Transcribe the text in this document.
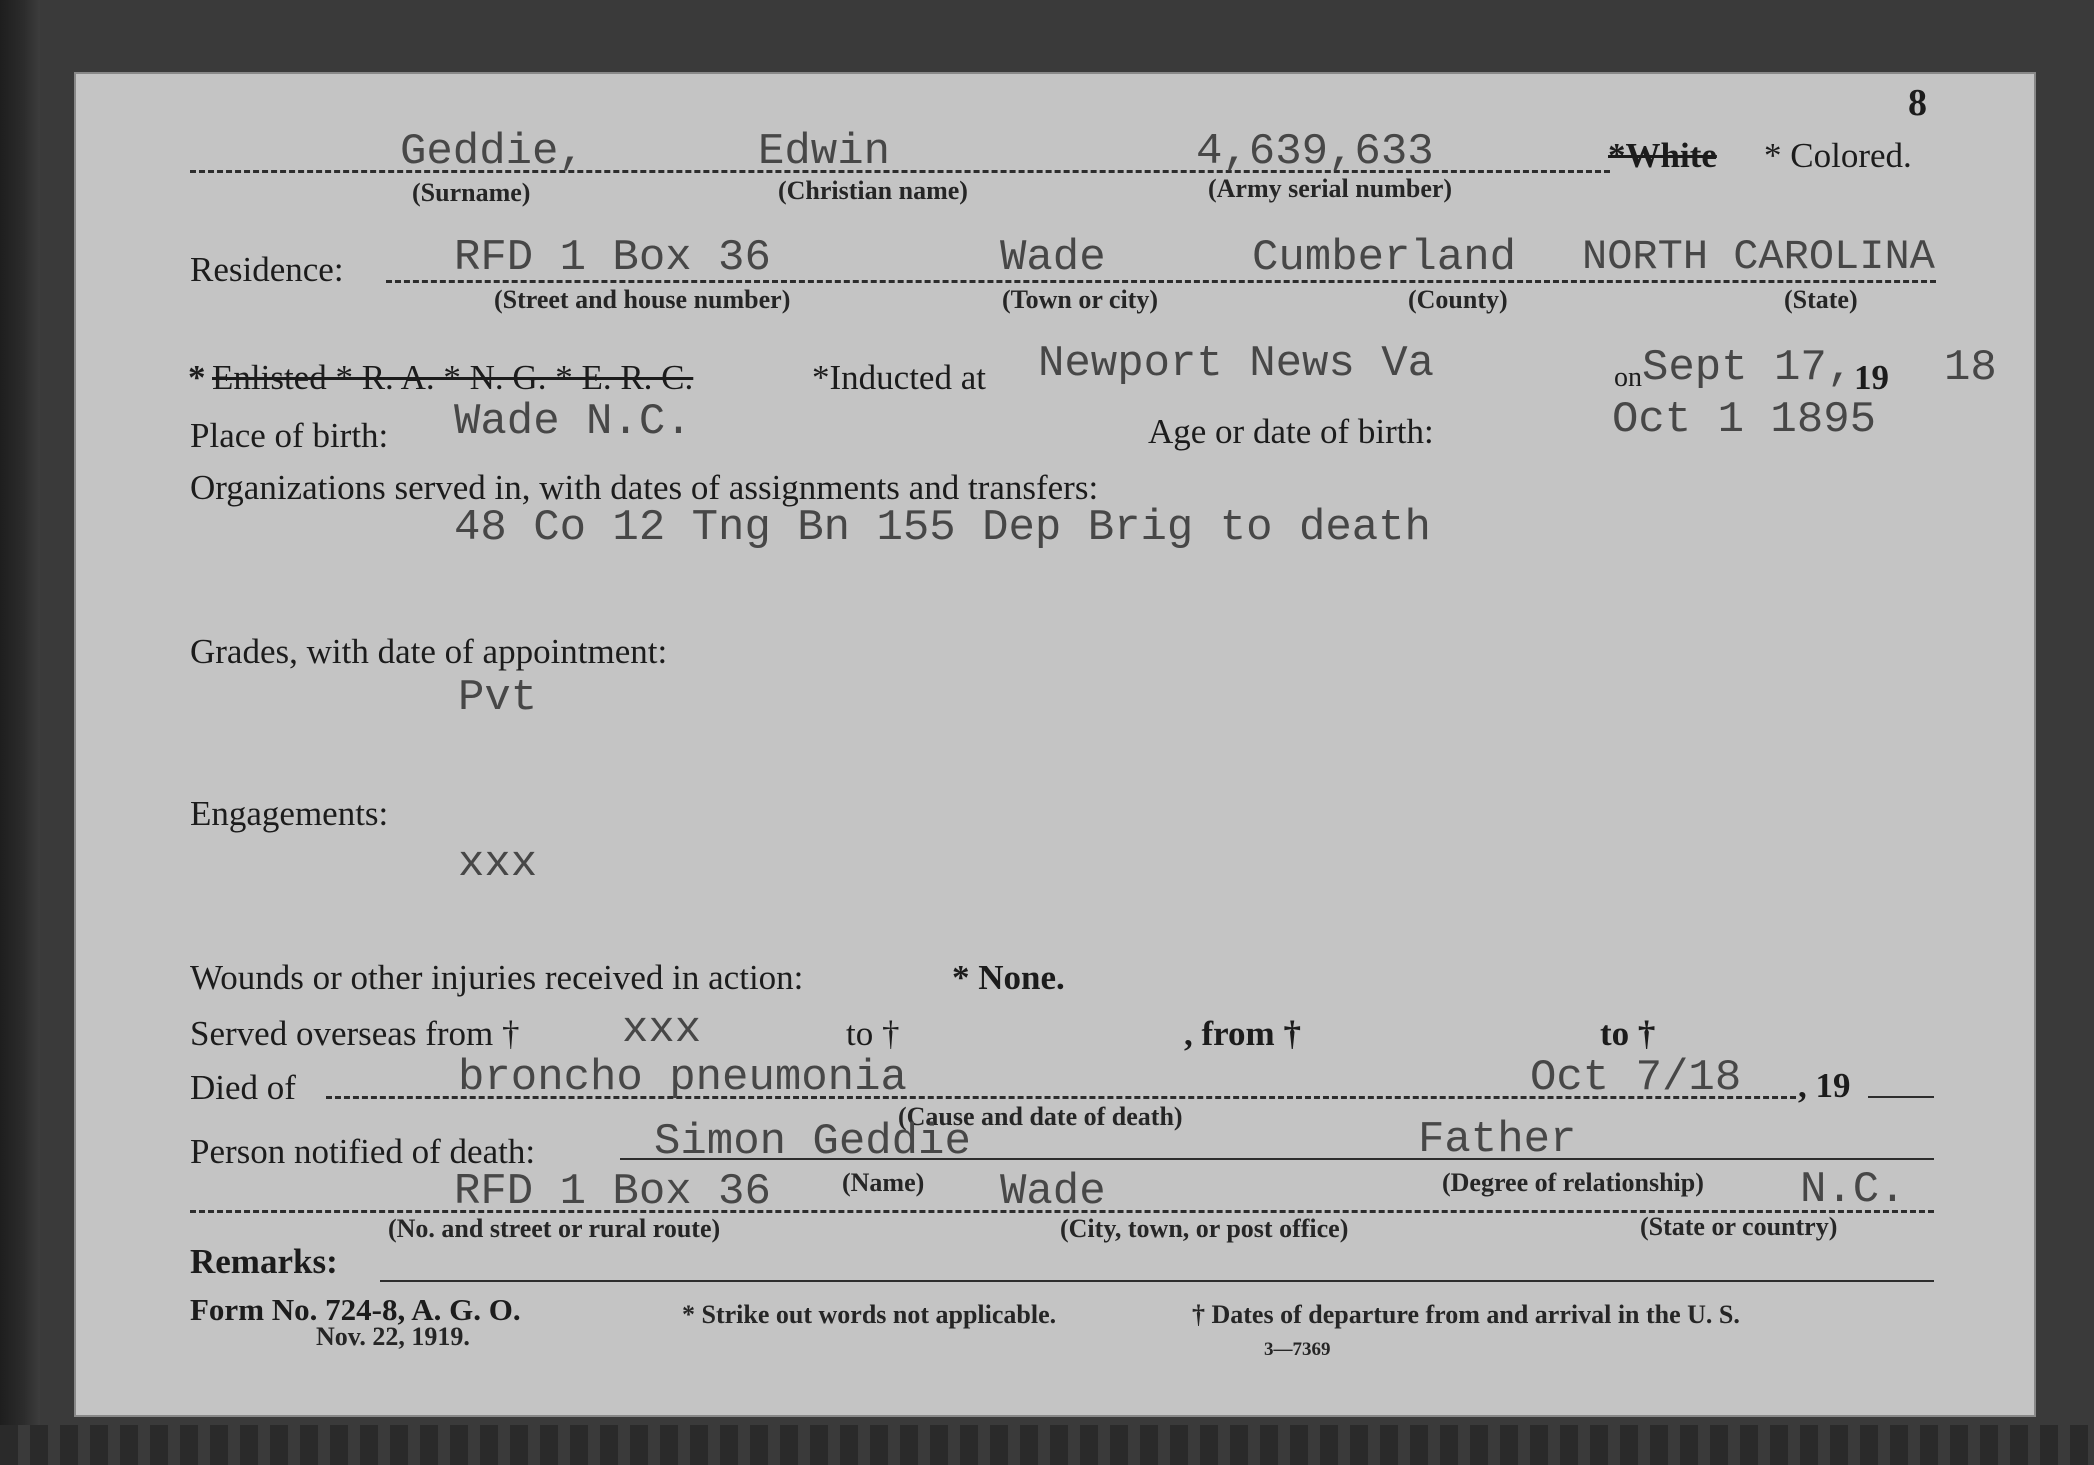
8
Geddie,	Edwin	4,639,633	*White * Colored.
(Surname)	(Christian name)	(Army serial number)
Residence:	RFD 1 Box 36	Wade	Cumberland NORTH CAROLINA
(Street and house number)	(Town or city)	(County)	(State)
* Enlisted * R. A. * N. G. * E. R. C.	*Inducted at Newport News Va	on Sept 17, 19 18
Place of birth: Wade N.C.	Age or date of birth:	Oct 1 1895
Organizations served in, with dates of assignments and transfers:
48 Co 12 Tng Bn 155 Dep Brig to death
Grades, with date of appointment:
Pvt
Engagements:
xxx
Wounds or other injuries received in action:	* None.
Served overseas from † xxx	to †	, from †	to †
Died of	broncho pneumonia	Oct 7/18 , 19
(Cause and date of death)
Person notified of death:	Simon Geddie	Father
(Name)	(Degree of relationship)
RFD 1 Box 36	Wade	N.C.
(No. and street or rural route)	(City, town, or post office)	(State or country)
Remarks:
Form No. 724-8, A. G. O.
Nov. 22, 1919.
* Strike out words not applicable.	† Dates of departure from and arrival in the U. S.
3—7369
